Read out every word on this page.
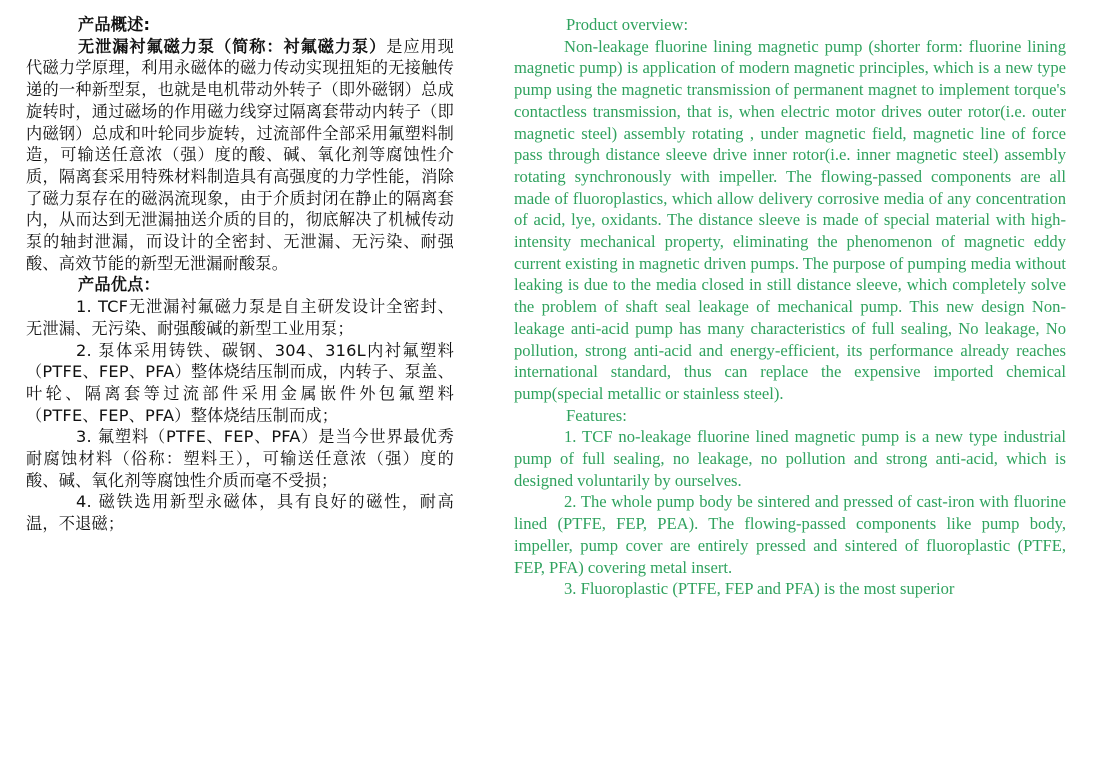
产品概述:

无泄漏衬氟磁力泵（简称：衬氟磁力泵）是应用现代磁力学原理，利用永磁体的磁力传动实现扭矩的无接触传递的一种新型泵，也就是电机带动外转子（即外磁钢）总成旋转时，通过磁场的作用磁力线穿过隔离套带动内转子（即内磁钢）总成和叶轮同步旋转，过流部件全部采用氟塑料制造，可输送任意浓（强）度的酸、碱、氧化剂等腐蚀性介质，隔离套采用特殊材料制造具有高强度的力学性能，消除了磁力泵存在的磁涡流现象，由于介质封闭在静止的隔离套内，从而达到无泄漏抽送介质的目的，彻底解决了机械传动泵的轴封泄漏，而设计的全密封、无泄漏、无污染、耐强酸、高效节能的新型无泄漏耐酸泵。

产品优点：

1. TCF无泄漏衬氟磁力泵是自主研发设计全密封、无泄漏、无污染、耐强酸碱的新型工业用泵；

2. 泵体采用铸铁、碳钢、304、316L内衬氟塑料（PTFE、FEP、PFA）整体烧结压制而成，内转子、泵盖、叶轮、隔离套等过流部件采用金属嵌件外包氟塑料（PTFE、FEP、PFA）整体烧结压制而成；

3. 氟塑料（PTFE、FEP、PFA）是当今世界最优秀耐腐蚀材料（俗称：塑料王），可输送任意浓（强）度的酸、碱、氧化剂等腐蚀性介质而毫不受损；

4. 磁铁选用新型永磁体，具有良好的磁性，耐高温，不退磁；

Product overview:

Non-leakage fluorine lining magnetic pump (shorter form: fluorine lining magnetic pump) is application of modern magnetic principles, which is a new type pump using the magnetic transmission of permanent magnet to implement torque's contactless transmission, that is, when electric motor drives outer rotor(i.e. outer magnetic steel) assembly rotating , under magnetic field, magnetic line of force pass through distance sleeve drive inner rotor(i.e. inner magnetic steel) assembly rotating synchronously with impeller. The flowing-passed components are all made of fluoroplastics, which allow delivery corrosive media of any concentration of acid, lye, oxidants. The distance sleeve is made of special material with high-intensity mechanical property, eliminating the phenomenon of magnetic eddy current existing in magnetic driven pumps. The purpose of pumping media without leaking is due to the media closed in still distance sleeve, which completely solve the problem of shaft seal leakage of mechanical pump. This new design Non-leakage anti-acid pump has many characteristics of full sealing, No leakage, No pollution, strong anti-acid and energy-efficient, its performance already reaches international standard, thus can replace the expensive imported chemical pump(special metallic or stainless steel).

Features:

1. TCF no-leakage fluorine lined magnetic pump is a new type industrial pump of full sealing, no leakage, no pollution and strong anti-acid, which is designed voluntarily by ourselves.

2. The whole pump body be sintered and pressed of cast-iron with fluorine lined (PTFE, FEP, PEA). The flowing-passed components like pump body, impeller, pump cover are entirely pressed and sintered of fluoroplastic (PTFE, FEP, PFA) covering metal insert.

3. Fluoroplastic (PTFE, FEP and PFA) is the most superior
